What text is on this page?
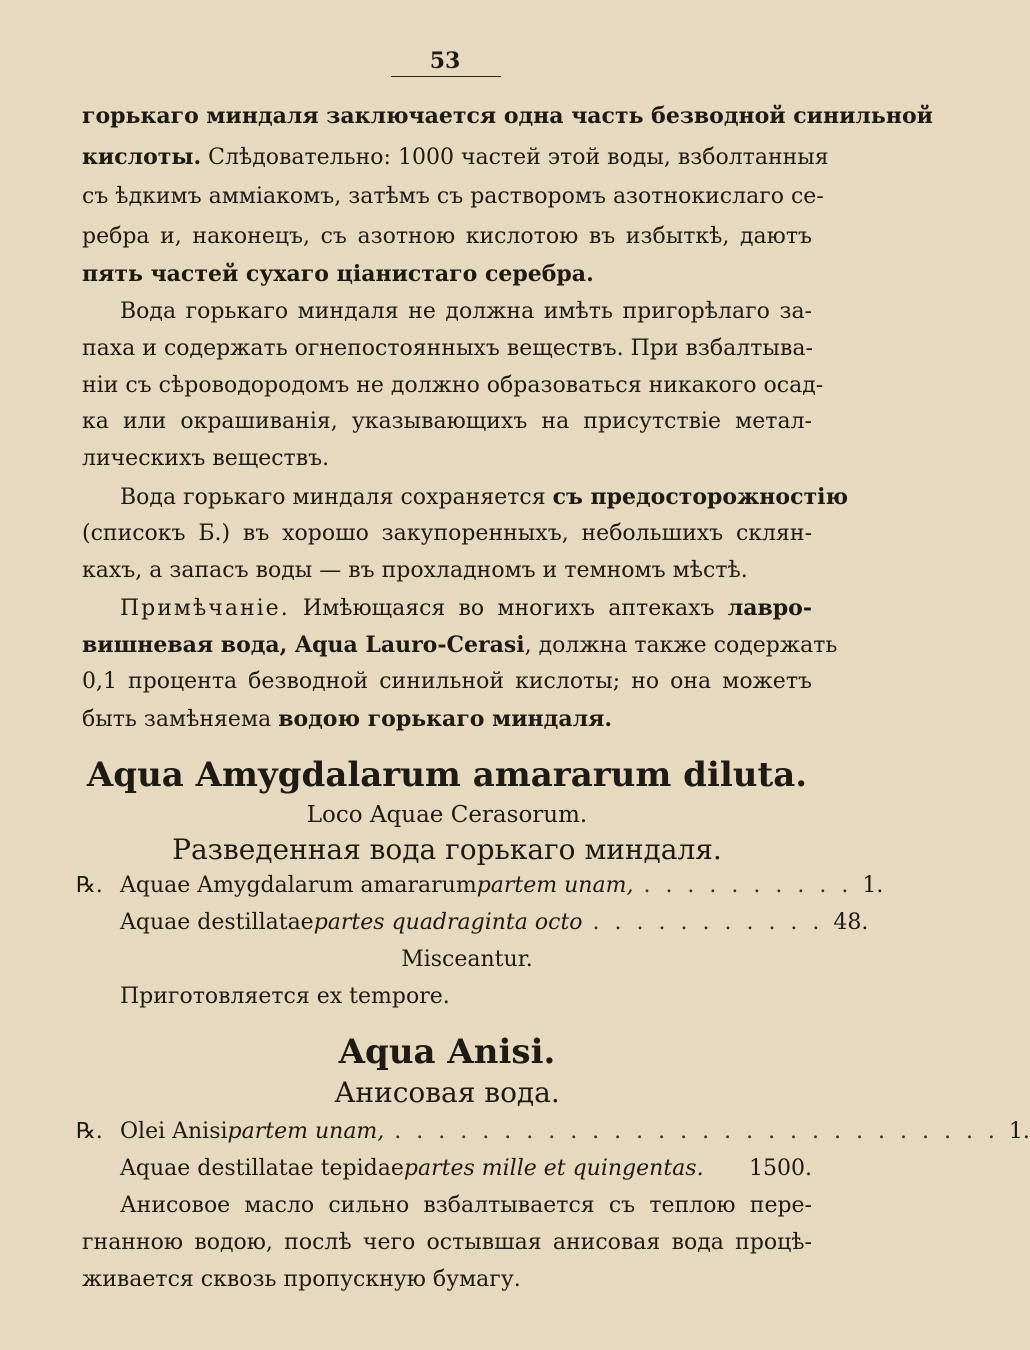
53
горькаго миндаля заключается одна часть безводной синильной
кислоты. Слѣдовательно: 1000 частей этой воды, взболтанныя
съ ѣдкимъ амміакомъ, затѣмъ съ растворомъ азотнокислаго се-
ребра и, наконецъ, съ азотною кислотою въ избыткѣ, даютъ
пять частей сухаго ціанистаго серебра.
Вода горькаго миндаля не должна имѣть пригорѣлаго за-
паха и содержать огнепостоянныхъ веществъ. При взбалтыва-
ніи съ сѣроводородомъ не должно образоваться никакого осад-
ка или окрашиванія, указывающихъ на присутствіе метал-
лическихъ веществъ.
Вода горькаго миндаля сохраняется съ предосторожностію
(списокъ Б.) въ хорошо закупоренныхъ, небольшихъ склян-
кахъ, а запасъ воды — въ прохладномъ и темномъ мѣстѣ.
Примѣчаніе. Имѣющаяся во многихъ аптекахъ лавро-
вишневая вода, Aqua Lauro-Cerasi, должна также содержать
0,1 процента безводной синильной кислоты; но она можетъ
быть замѣняема водою горькаго миндаля.
Aqua Amygdalarum amararum diluta.
Loco Aquae Cerasorum.
Разведенная вода горькаго миндаля.
℞. Aquae Amygdalarum amararum partem unam, . . . . . . . . . . 1.
Aquae destillatae partes quadraginta octo . . . . . . . . . . . 48.
Misceantur.
Приготовляется ex tempore.
Aqua Anisi.
Анисовая вода.
℞. Olei Anisi partem unam, . . . . . . . . . . . . . . . . . . . . . . . . . . . . 1.
Aquae destillatae tepidae partes mille et quingentas. 1500.
Анисовое масло сильно взбалтывается съ теплою пере-
гнанною водою, послѣ чего остывшая анисовая вода процѣ-
живается сквозь пропускную бумагу.
